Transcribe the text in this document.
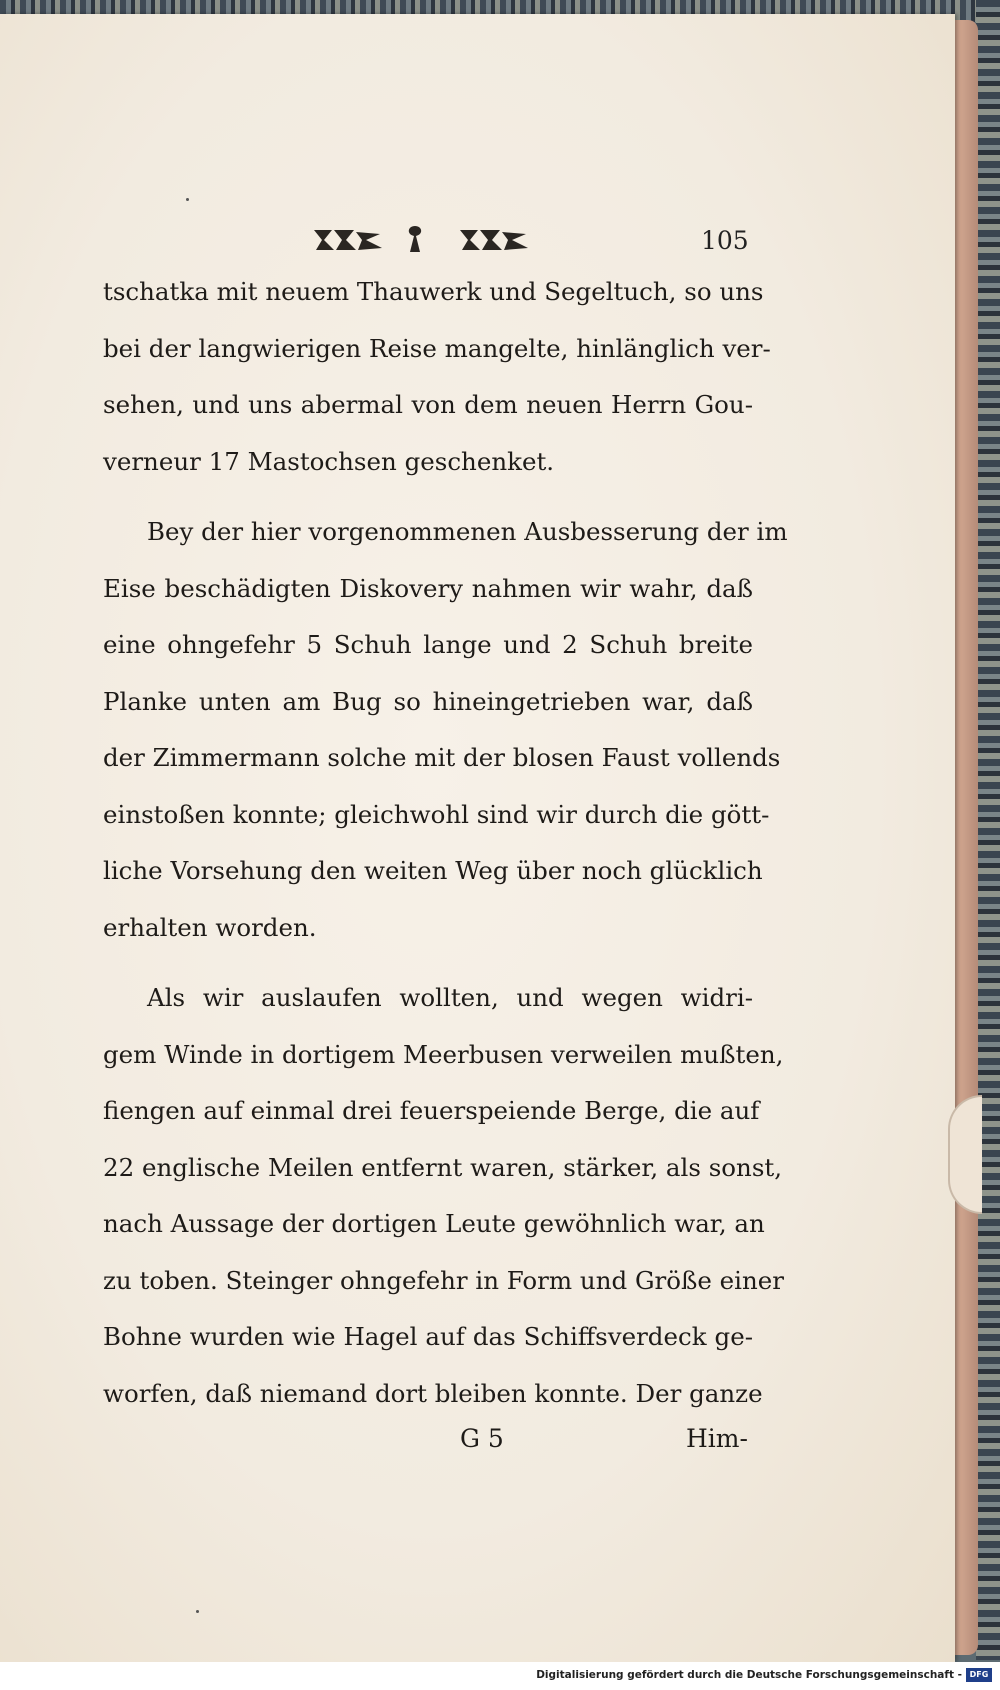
105
tschatka mit neuem Thauwerk und Segeltuch, so uns
bei der langwierigen Reise mangelte, hinlänglich ver-
sehen, und uns abermal von dem neuen Herrn Gou-
verneur 17 Mastochsen geschenket.
Bey der hier vorgenommenen Ausbesserung der im
Eise beschädigten Diskovery nahmen wir wahr, daß
eine ohngefehr 5 Schuh lange und 2 Schuh breite
Planke unten am Bug so hineingetrieben war, daß
der Zimmermann solche mit der blosen Faust vollends
einstoßen konnte; gleichwohl sind wir durch die gött-
liche Vorsehung den weiten Weg über noch glücklich
erhalten worden.
Als wir auslaufen wollten, und wegen widri-
gem Winde in dortigem Meerbusen verweilen mußten,
fiengen auf einmal drei feuerspeiende Berge, die auf
22 englische Meilen entfernt waren, stärker, als sonst,
nach Aussage der dortigen Leute gewöhnlich war, an
zu toben. Steinger ohngefehr in Form und Größe einer
Bohne wurden wie Hagel auf das Schiffsverdeck ge-
worfen, daß niemand dort bleiben konnte. Der ganze
G 5	Him-
Digitalisierung gefördert durch die Deutsche Forschungsgemeinschaft - DFG
